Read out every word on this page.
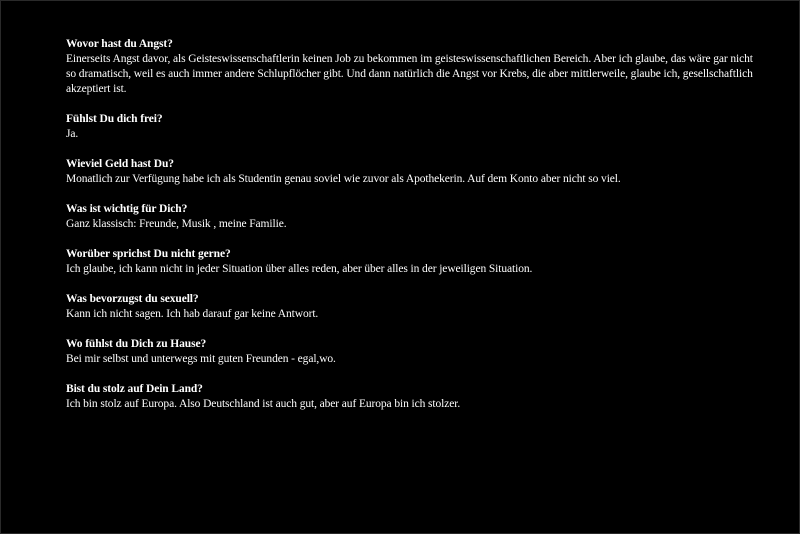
Wovor hast du Angst?
Einerseits Angst davor, als Geisteswissenschaftlerin keinen Job zu bekommen im geisteswissenschaftlichen Bereich. Aber ich glaube, das wäre gar nicht so dramatisch, weil es auch immer andere Schlupflöcher gibt. Und dann natürlich die Angst vor Krebs, die aber mittlerweile, glaube ich, gesellschaftlich akzeptiert ist.
Fühlst Du dich frei?
Ja.
Wieviel Geld hast Du?
Monatlich zur Verfügung habe ich als Studentin genau soviel wie zuvor als Apothekerin. Auf dem Konto aber nicht so viel.
Was ist wichtig für Dich?
Ganz klassisch: Freunde, Musik , meine Familie.
Worüber sprichst Du nicht gerne?
Ich glaube, ich kann nicht in jeder Situation über alles reden, aber über alles in der jeweiligen Situation.
Was bevorzugst du sexuell?
Kann ich nicht sagen. Ich hab darauf gar keine Antwort.
Wo fühlst du Dich zu Hause?
Bei mir selbst und unterwegs mit guten Freunden - egal,wo.
Bist du stolz auf Dein Land?
Ich bin stolz auf Europa. Also Deutschland ist auch gut, aber auf Europa bin ich stolzer.
